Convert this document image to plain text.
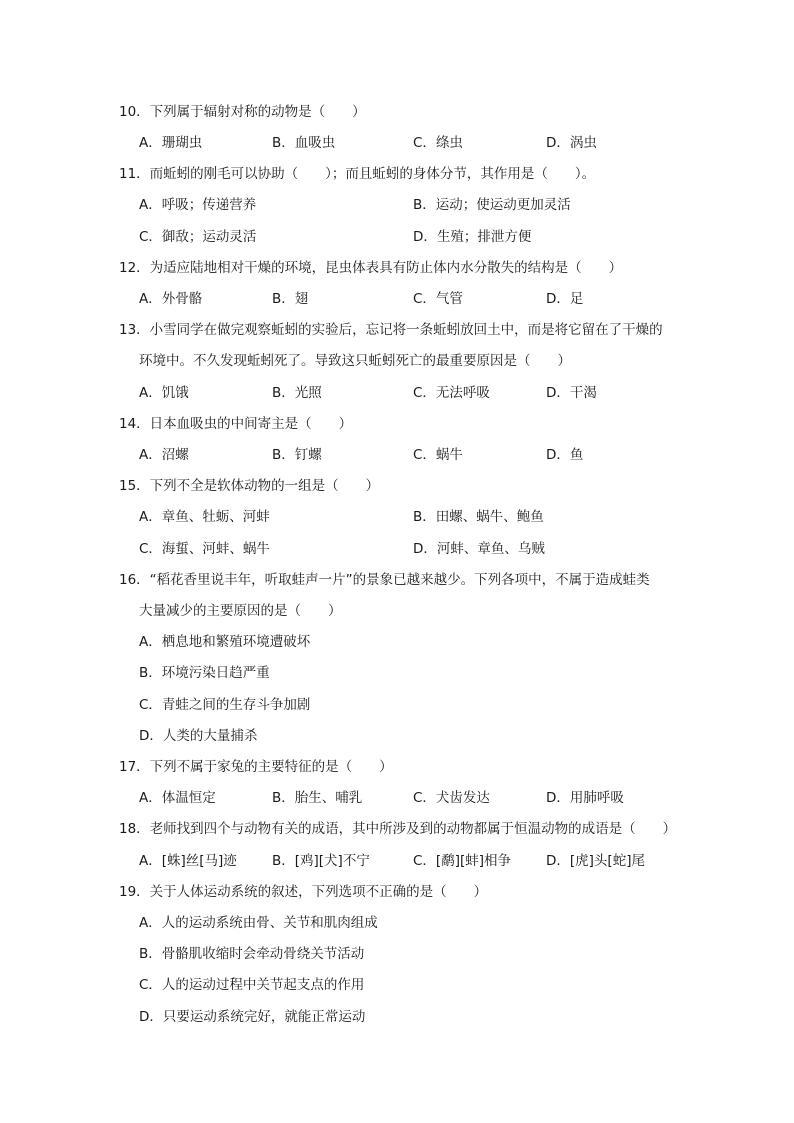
10．下列属于辐射对称的动物是（　　）
A．珊瑚虫	B．血吸虫	C．绦虫	D．涡虫
11．而蚯蚓的刚毛可以协助（　　）；而且蚯蚓的身体分节，其作用是（　　）。
A．呼吸；传递营养	B．运动；使运动更加灵活
C．御敌；运动灵活	D．生殖；排泄方便
12．为适应陆地相对干燥的环境，昆虫体表具有防止体内水分散失的结构是（　　）
A．外骨骼	B．翅	C．气管	D．足
13．小雪同学在做完观察蚯蚓的实验后，忘记将一条蚯蚓放回土中，而是将它留在了干燥的
环境中。不久发现蚯蚓死了。导致这只蚯蚓死亡的最重要原因是（　　）
A．饥饿	B．光照	C．无法呼吸	D．干渴
14．日本血吸虫的中间寄主是（　　）
A．沼螺	B．钉螺	C．蜗牛	D．鱼
15．下列不全是软体动物的一组是（　　）
A．章鱼、牡蛎、河蚌	B．田螺、蜗牛、鲍鱼
C．海蜇、河蚌、蜗牛	D．河蚌、章鱼、乌贼
16．“稻花香里说丰年，听取蛙声一片”的景象已越来越少。下列各项中，不属于造成蛙类
大量减少的主要原因的是（　　）
A．栖息地和繁殖环境遭破坏
B．环境污染日趋严重
C．青蛙之间的生存斗争加剧
D．人类的大量捕杀
17．下列不属于家兔的主要特征的是（　　）
A．体温恒定	B．胎生、哺乳	C．犬齿发达	D．用肺呼吸
18．老师找到四个与动物有关的成语，其中所涉及到的动物都属于恒温动物的成语是（　　）
A．[蛛]丝[马]迹	B．[鸡][犬]不宁	C．[鹬][蚌]相争	D．[虎]头[蛇]尾
19．关于人体运动系统的叙述，下列选项不正确的是（　　）
A．人的运动系统由骨、关节和肌肉组成
B．骨骼肌收缩时会牵动骨绕关节活动
C．人的运动过程中关节起支点的作用
D．只要运动系统完好，就能正常运动
